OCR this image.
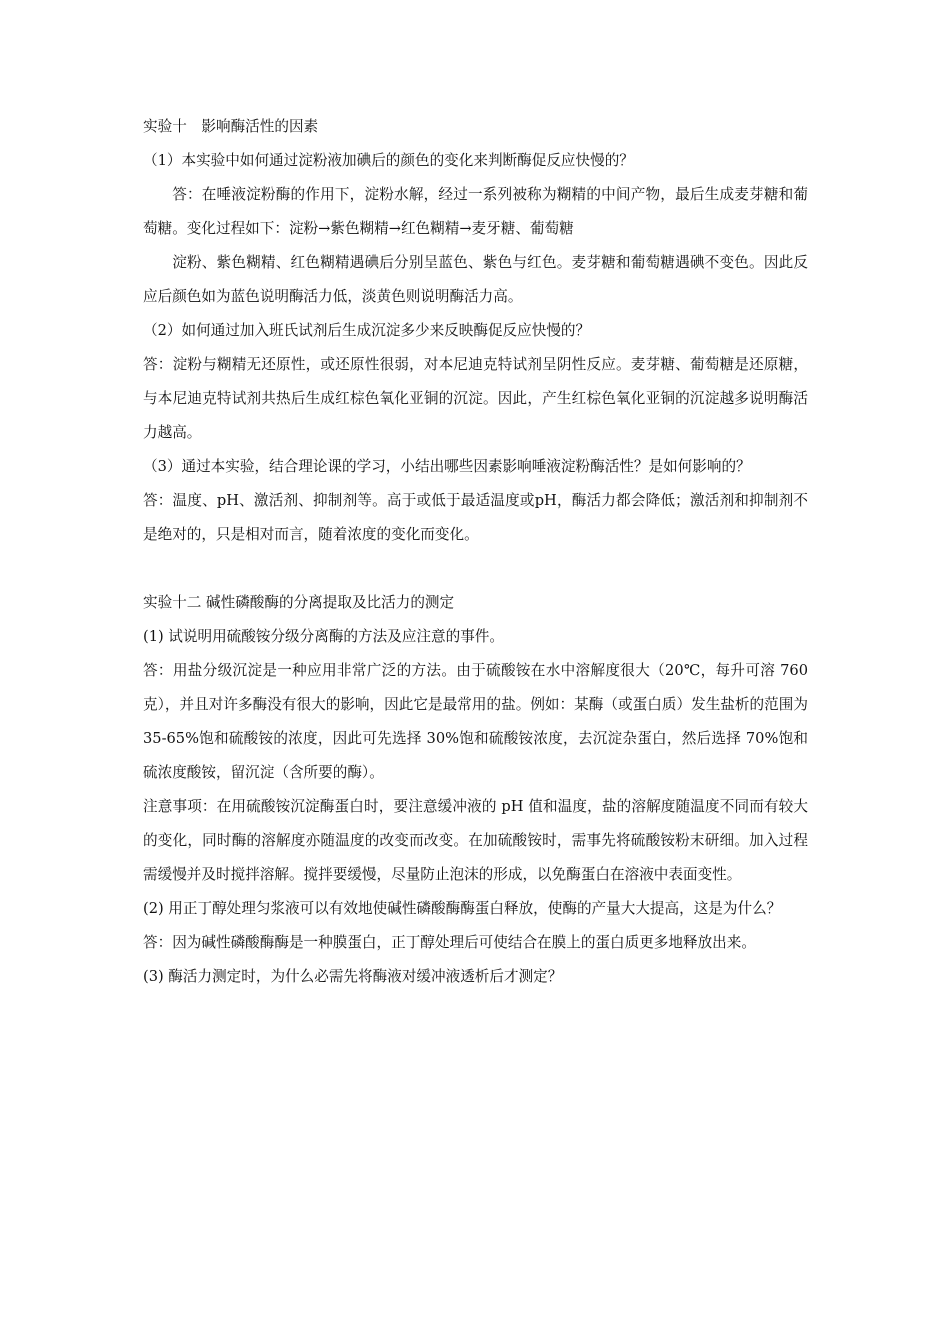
实验十　影响酶活性的因素
（1）本实验中如何通过淀粉液加碘后的颜色的变化来判断酶促反应快慢的？
答：在唾液淀粉酶的作用下，淀粉水解，经过一系列被称为糊精的中间产物，最后生成麦芽糖和葡萄糖。变化过程如下：淀粉→紫色糊精→红色糊精→麦牙糖、葡萄糖
淀粉、紫色糊精、红色糊精遇碘后分别呈蓝色、紫色与红色。麦芽糖和葡萄糖遇碘不变色。因此反应后颜色如为蓝色说明酶活力低，淡黄色则说明酶活力高。
（2）如何通过加入班氏试剂后生成沉淀多少来反映酶促反应快慢的？
答：淀粉与糊精无还原性，或还原性很弱，对本尼迪克特试剂呈阴性反应。麦芽糖、葡萄糖是还原糖，与本尼迪克特试剂共热后生成红棕色氧化亚铜的沉淀。因此，产生红棕色氧化亚铜的沉淀越多说明酶活力越高。
（3）通过本实验，结合理论课的学习，小结出哪些因素影响唾液淀粉酶活性？是如何影响的？
答：温度、pH、激活剂、抑制剂等。高于或低于最适温度或pH，酶活力都会降低；激活剂和抑制剂不是绝对的，只是相对而言，随着浓度的变化而变化。
实验十二 碱性磷酸酶的分离提取及比活力的测定
(1) 试说明用硫酸铵分级分离酶的方法及应注意的事件。
答：用盐分级沉淀是一种应用非常广泛的方法。由于硫酸铵在水中溶解度很大（20℃，每升可溶 760 克），并且对许多酶没有很大的影响，因此它是最常用的盐。例如：某酶（或蛋白质）发生盐析的范围为 35-65%饱和硫酸铵的浓度，因此可先选择 30%饱和硫酸铵浓度，去沉淀杂蛋白，然后选择 70%饱和硫浓度酸铵，留沉淀（含所要的酶）。
注意事项：在用硫酸铵沉淀酶蛋白时，要注意缓冲液的 pH 值和温度，盐的溶解度随温度不同而有较大的变化，同时酶的溶解度亦随温度的改变而改变。在加硫酸铵时，需事先将硫酸铵粉末研细。加入过程需缓慢并及时搅拌溶解。搅拌要缓慢，尽量防止泡沫的形成，以免酶蛋白在溶液中表面变性。
(2) 用正丁醇处理匀浆液可以有效地使碱性磷酸酶酶蛋白释放，使酶的产量大大提高，这是为什么？
答：因为碱性磷酸酶酶是一种膜蛋白，正丁醇处理后可使结合在膜上的蛋白质更多地释放出来。
(3) 酶活力测定时，为什么必需先将酶液对缓冲液透析后才测定？
